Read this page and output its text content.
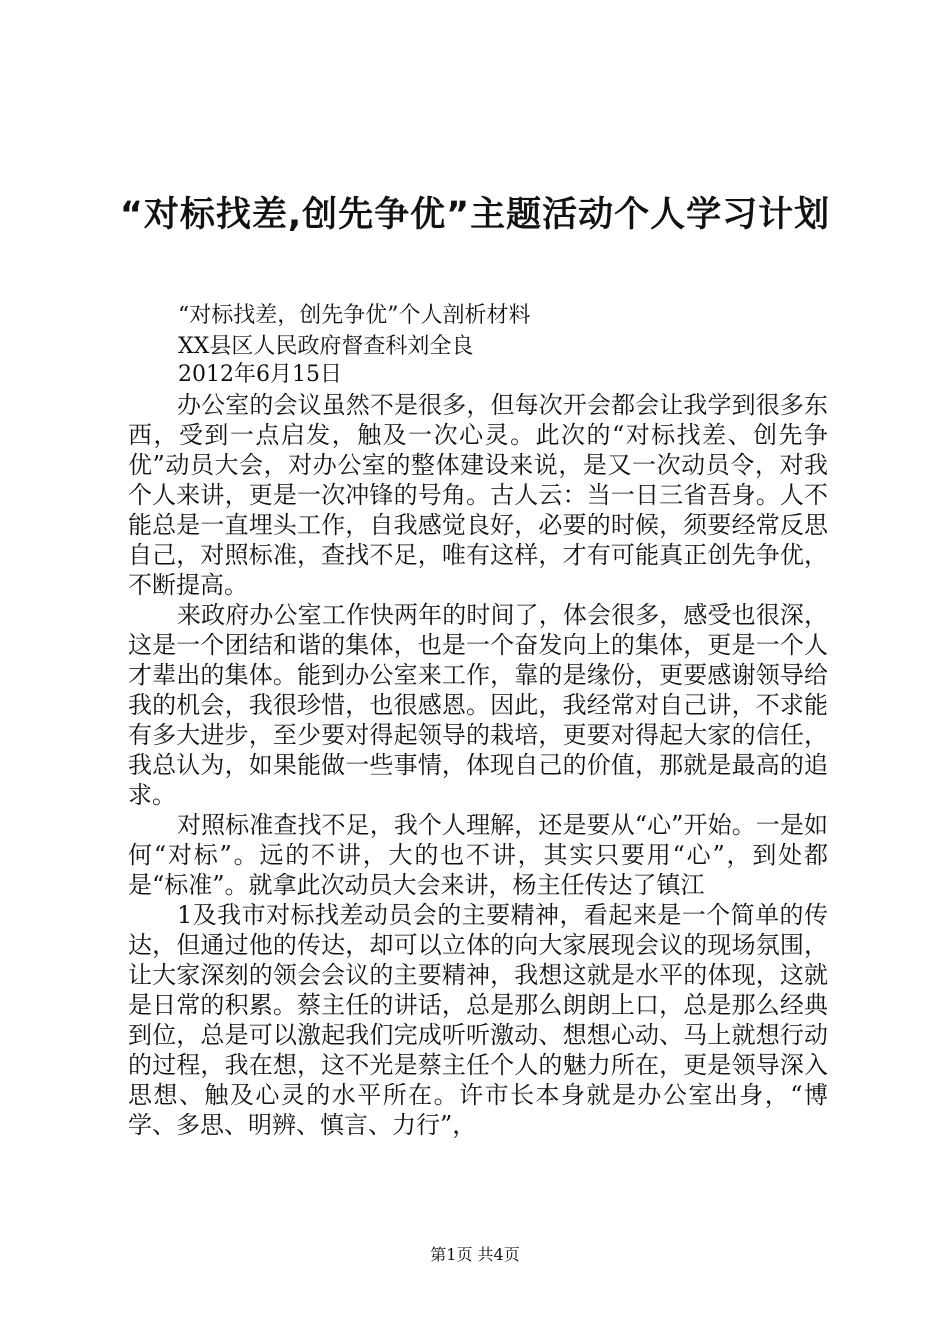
“对标找差,创先争优”主题活动个人学习计划

“对标找差，创先争优”个人剖析材料

XX县区人民政府督查科刘全良

2012年6月15日

办公室的会议虽然不是很多，但每次开会都会让我学到很多东西，受到一点启发，触及一次心灵。此次的“对标找差、创先争优”动员大会，对办公室的整体建设来说，是又一次动员令，对我个人来讲，更是一次冲锋的号角。古人云：当一日三省吾身。人不能总是一直埋头工作，自我感觉良好，必要的时候，须要经常反思自己，对照标准，查找不足，唯有这样，才有可能真正创先争优，不断提高。

来政府办公室工作快两年的时间了，体会很多，感受也很深，这是一个团结和谐的集体，也是一个奋发向上的集体，更是一个人才辈出的集体。能到办公室来工作，靠的是缘份，更要感谢领导给我的机会，我很珍惜，也很感恩。因此，我经常对自己讲，不求能有多大进步，至少要对得起领导的栽培，更要对得起大家的信任，我总认为，如果能做一些事情，体现自己的价值，那就是最高的追求。

对照标准查找不足，我个人理解，还是要从“心”开始。一是如何“对标”。远的不讲，大的也不讲，其实只要用“心”，到处都是“标准”。就拿此次动员大会来讲，杨主任传达了镇江

1及我市对标找差动员会的主要精神，看起来是一个简单的传达，但通过他的传达，却可以立体的向大家展现会议的现场氛围，让大家深刻的领会会议的主要精神，我想这就是水平的体现，这就是日常的积累。蔡主任的讲话，总是那么朗朗上口，总是那么经典到位，总是可以激起我们完成听听激动、想想心动、马上就想行动的过程，我在想，这不光是蔡主任个人的魅力所在，更是领导深入思想、触及心灵的水平所在。许市长本身就是办公室出身，“博学、多思、明辨、慎言、力行”，

第1页 共4页
